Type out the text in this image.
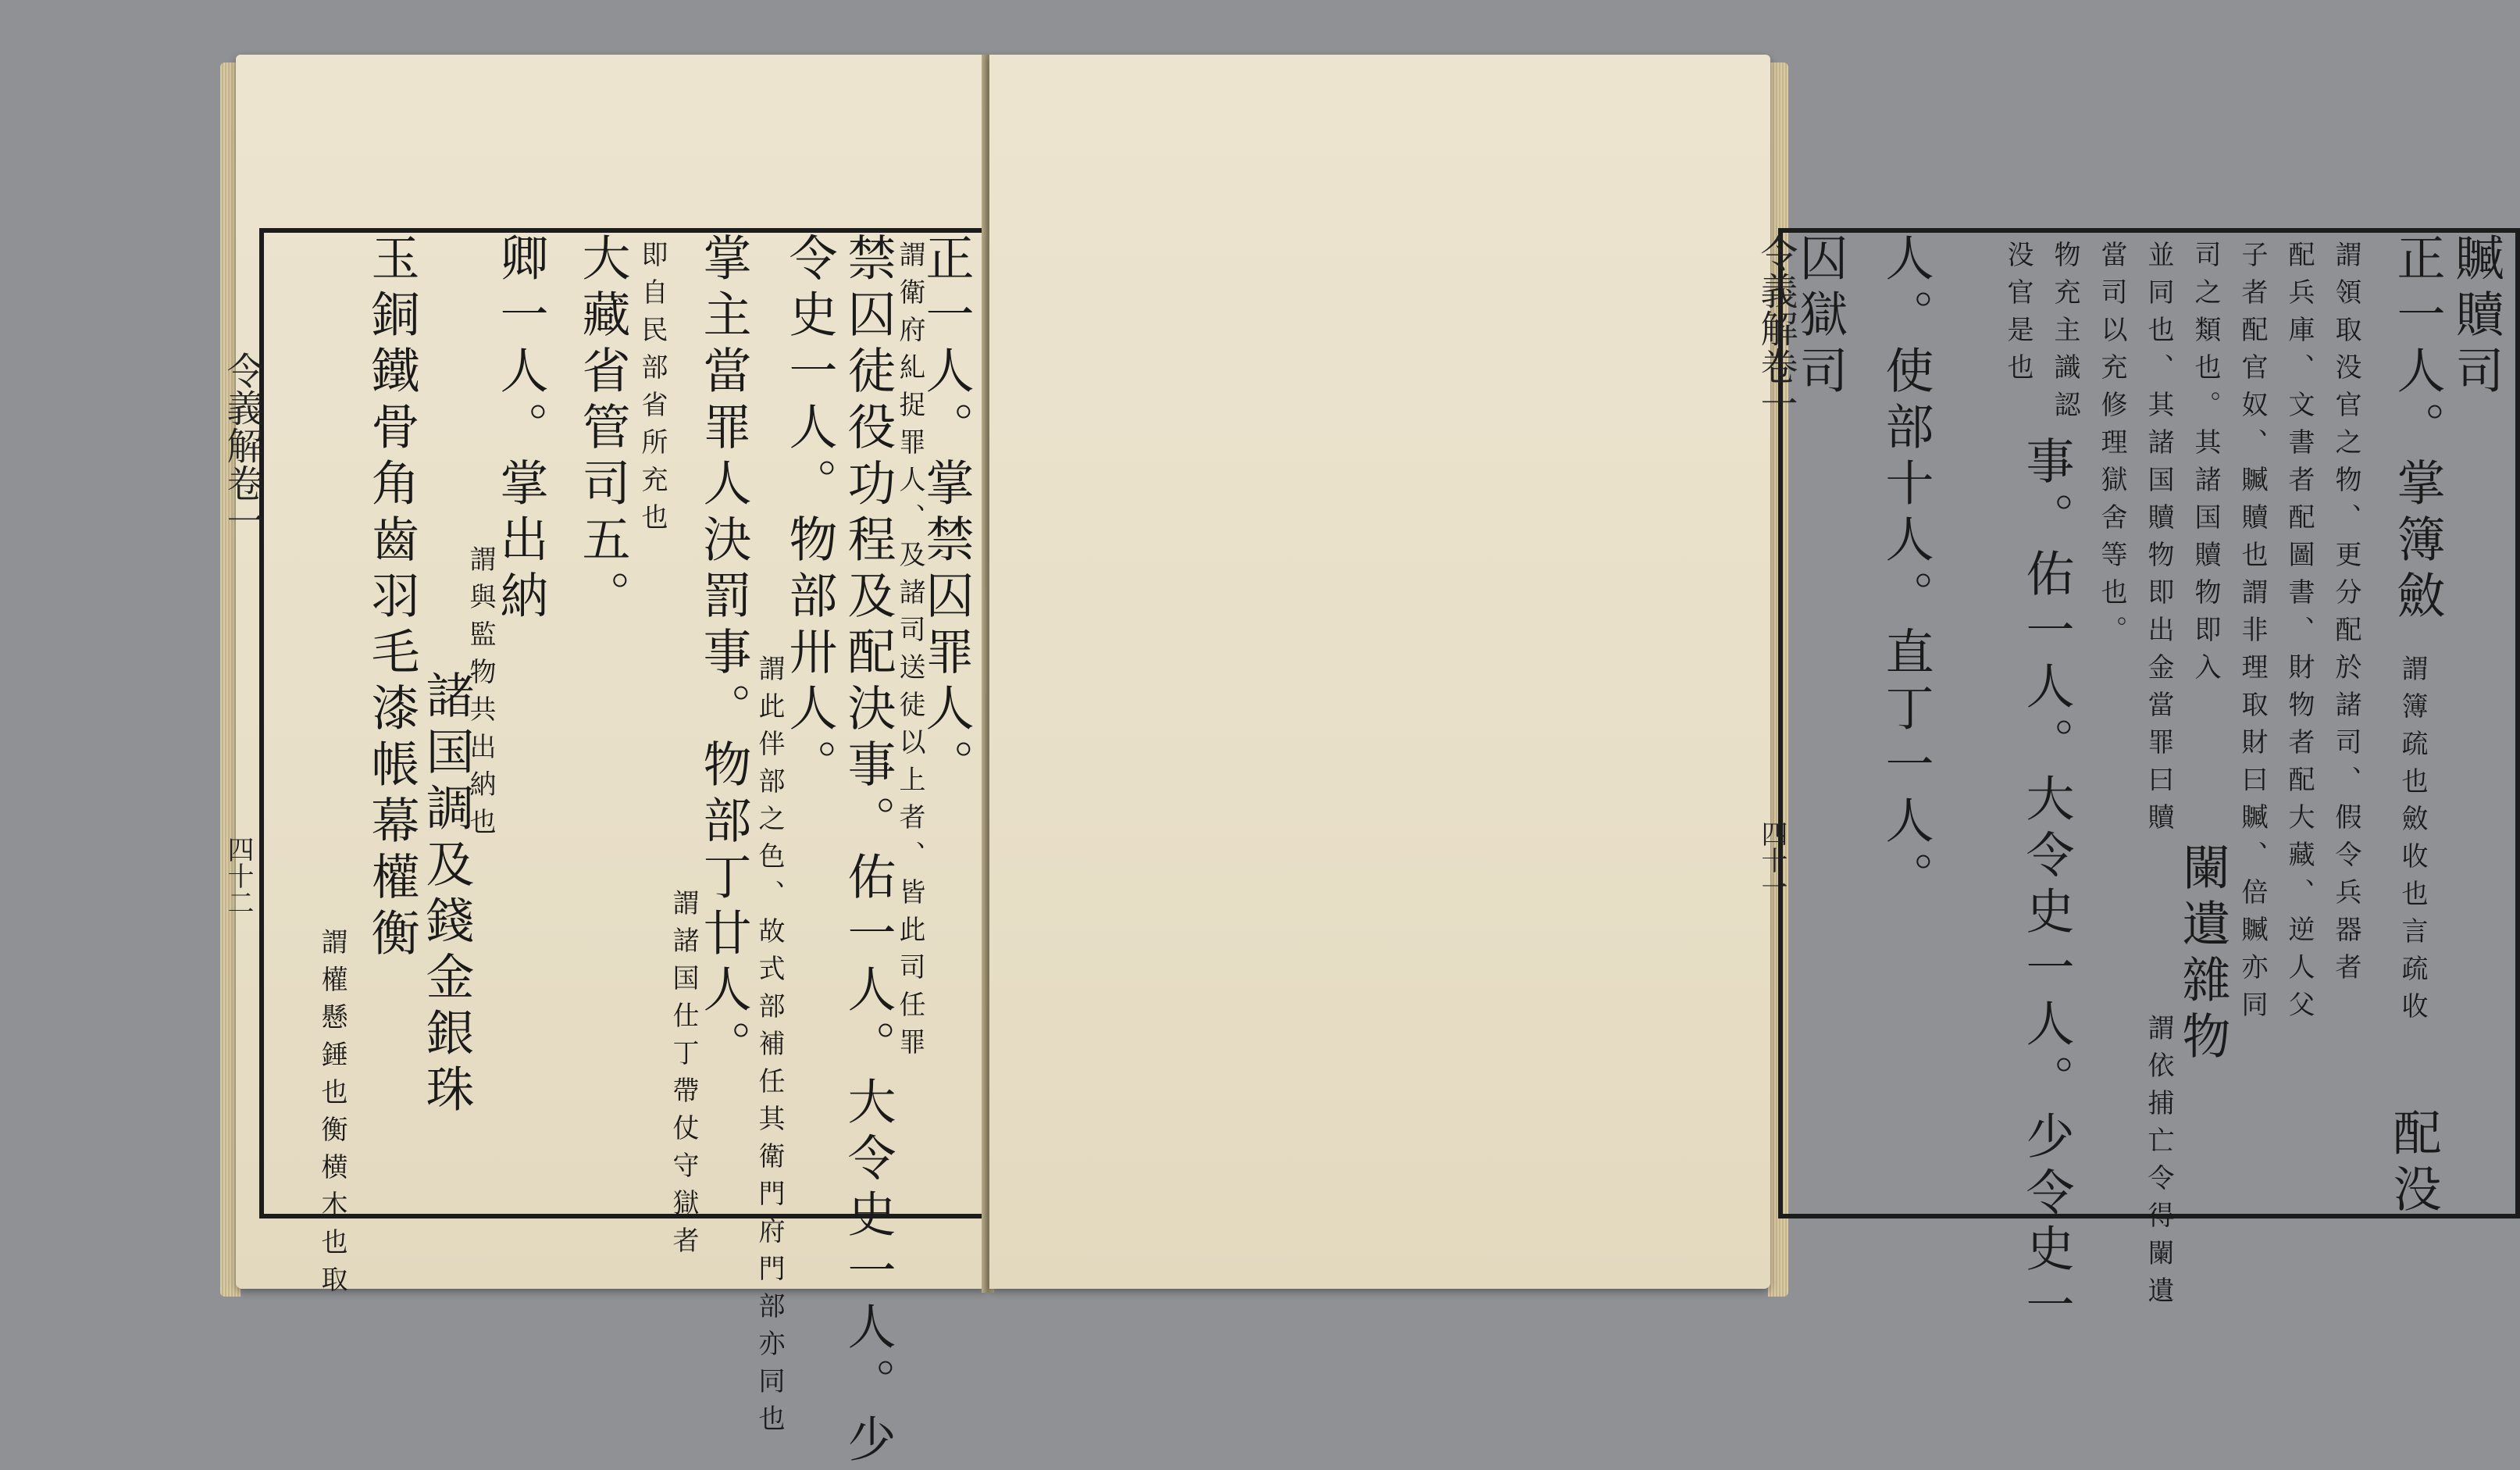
正一人。掌禁囚罪人。
謂衛府糺捉罪人、及諸司送徒以上者、皆此司任罪
禁囚徒役功程及配決事。佑一人。大令史一人。少
令史一人。物部卅人。
謂此伴部之色、故式部補任其衛門府門部亦同也
掌主當罪人決罰事。物部丁廿人。
謂諸国仕丁帶仗守獄者
即自民部省所充也
大藏省管司五。
卿一人。掌出納
謂與監物共出納也
諸国調及錢金銀珠
玉銅鐵骨角齒羽毛漆帳幕權衡
謂權懸錘也衡横木也取
贓贖司
正一人。掌簿斂
謂簿疏也斂收也言疏收
配没
謂領取没官之物、更分配於諸司、假令兵器者
配兵庫、文書者配圖書、財物者配大藏、逆人父
子者配官奴、贓贖也謂非理取財曰贓、倍贓亦同
司之類也。其諸国贖物即入
並同也、其諸国贖物即出金當罪曰贖
當司以充修理獄舍等也。
闌遺雜物
謂依捕亡令得闌遺
物充主識認
事。佑一人。大令史一人。少令史一
没官是也
人。使部十人。直丁一人。
囚獄司
令義解卷一
四十二
令義解卷一
四十一
